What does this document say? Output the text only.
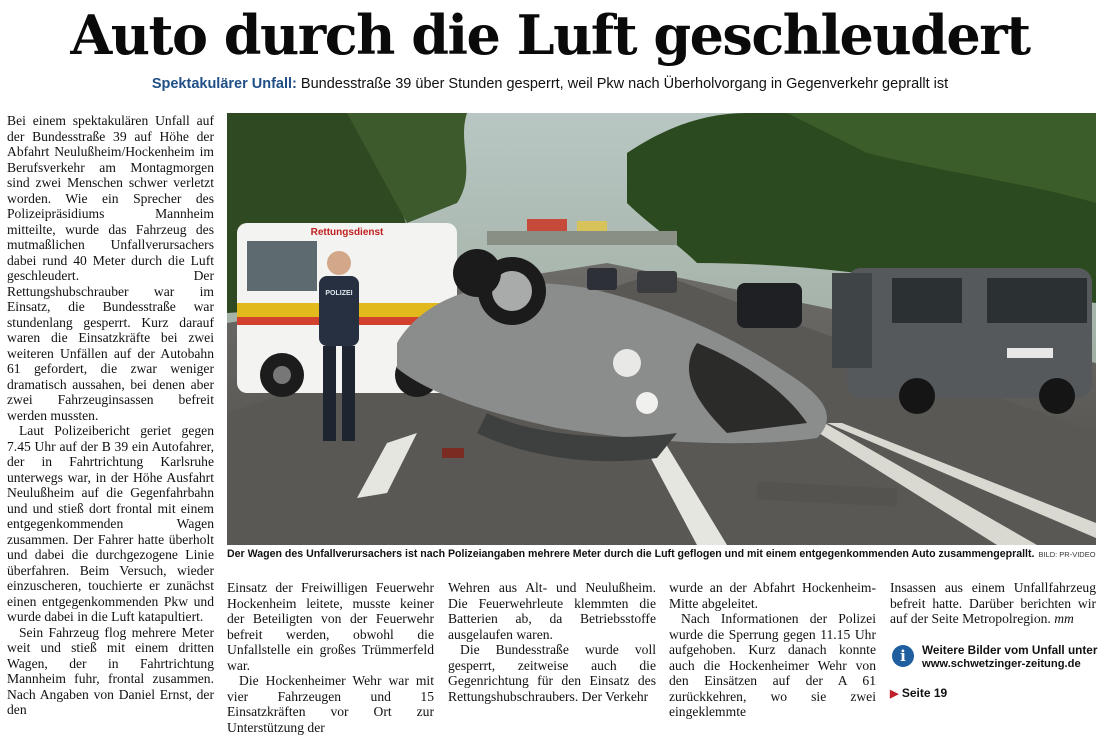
Auto durch die Luft geschleudert
Spektakulärer Unfall: Bundesstraße 39 über Stunden gesperrt, weil Pkw nach Überholvorgang in Gegenverkehr geprallt ist

Bei einem spektakulären Unfall auf der Bundesstraße 39 auf Höhe der Abfahrt Neulußheim/Hockenheim im Berufsverkehr am Montagmorgen sind zwei Menschen schwer verletzt worden. Wie ein Sprecher des Polizeipräsidiums Mannheim mitteilte, wurde das Fahrzeug des mutmaßlichen Unfallverursachers dabei rund 40 Meter durch die Luft geschleudert. Der Rettungshubschrauber war im Einsatz, die Bundesstraße war stundenlang gesperrt. Kurz darauf waren die Einsatzkräfte bei zwei weiteren Unfällen auf der Autobahn 61 gefordert, die zwar weniger dramatisch aussahen, bei denen aber zwei Fahrzeuginsassen befreit werden mussten.

Laut Polizeibericht geriet gegen 7.45 Uhr auf der B 39 ein Autofahrer, der in Fahrtrichtung Karlsruhe unterwegs war, in der Höhe Ausfahrt Neulußheim auf die Gegenfahrbahn und und stieß dort frontal mit einem entgegenkommenden Wagen zusammen. Der Fahrer hatte überholt und dabei die durchgezogene Linie überfahren. Beim Versuch, wieder einzuscheren, touchierte er zunächst einen entgegenkommenden Pkw und wurde dabei in die Luft katapultiert.

Sein Fahrzeug flog mehrere Meter weit und stieß mit einem dritten Wagen, der in Fahrtrichtung Mannheim fuhr, frontal zusammen. Nach Angaben von Daniel Ernst, der den

Rettungsdienst
POLIZEI
Der Wagen des Unfallverursachers ist nach Polizeiangaben mehrere Meter durch die Luft geflogen und mit einem entgegenkommenden Auto zusammengeprallt. BILD: PR-VIDEO

Einsatz der Freiwilligen Feuerwehr Hockenheim leitete, musste keiner der Beteiligten von der Feuerwehr befreit werden, obwohl die Unfallstelle ein großes Trümmerfeld war.

Die Hockenheimer Wehr war mit vier Fahrzeugen und 15 Einsatzkräften vor Ort zur Unterstützung der

Wehren aus Alt- und Neulußheim. Die Feuerwehrleute klemmten die Batterien ab, da Betriebsstoffe ausgelaufen waren.

Die Bundesstraße wurde voll gesperrt, zeitweise auch die Gegenrichtung für den Einsatz des Rettungshubschraubers. Der Verkehr

wurde an der Abfahrt Hockenheim-Mitte abgeleitet.

Nach Informationen der Polizei wurde die Sperrung gegen 11.15 Uhr aufgehoben. Kurz danach konnte auch die Hockenheimer Wehr von den Einsätzen auf der A 61 zurückkehren, wo sie zwei eingeklemmte

Insassen aus einem Unfallfahrzeug befreit hatte. Darüber berichten wir auf der Seite Metropolregion. mm

i	Weitere Bilder vom Unfall unter
www.schwetzinger-zeitung.de
▶ Seite 19
